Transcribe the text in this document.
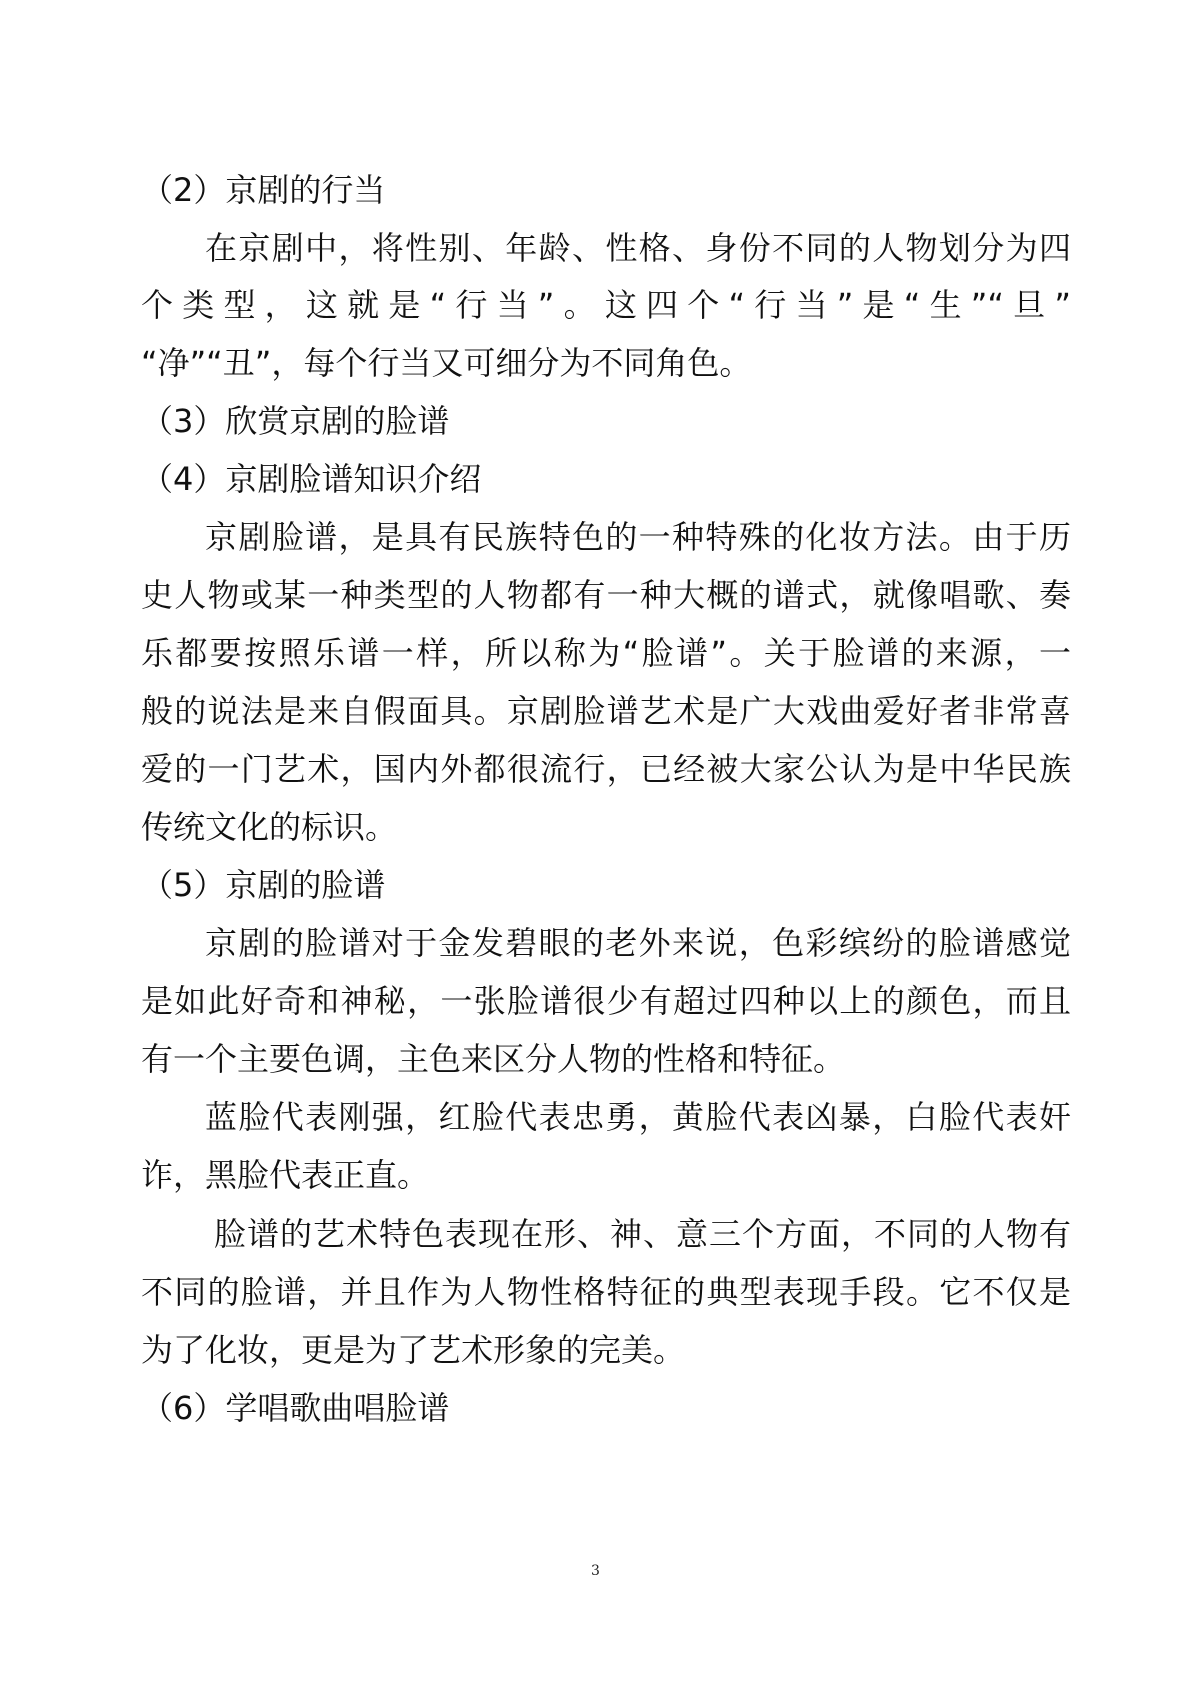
（2）京剧的行当

在京剧中，将性别、年龄、性格、身份不同的人物划分为四

个类型，这就是“行当”。这四个“行当”是“生”“旦”

“净”“丑”，每个行当又可细分为不同角色。

（3）欣赏京剧的脸谱

（4）京剧脸谱知识介绍

京剧脸谱，是具有民族特色的一种特殊的化妆方法。由于历

史人物或某一种类型的人物都有一种大概的谱式，就像唱歌、奏

乐都要按照乐谱一样，所以称为“脸谱”。关于脸谱的来源，一

般的说法是来自假面具。京剧脸谱艺术是广大戏曲爱好者非常喜

爱的一门艺术，国内外都很流行，已经被大家公认为是中华民族

传统文化的标识。

（5）京剧的脸谱

京剧的脸谱对于金发碧眼的老外来说，色彩缤纷的脸谱感觉

是如此好奇和神秘，一张脸谱很少有超过四种以上的颜色，而且

有一个主要色调，主色来区分人物的性格和特征。

蓝脸代表刚强，红脸代表忠勇，黄脸代表凶暴，白脸代表奸

诈，黑脸代表正直。

脸谱的艺术特色表现在形、神、意三个方面，不同的人物有

不同的脸谱，并且作为人物性格特征的典型表现手段。它不仅是

为了化妆，更是为了艺术形象的完美。

（6）学唱歌曲唱脸谱

3
